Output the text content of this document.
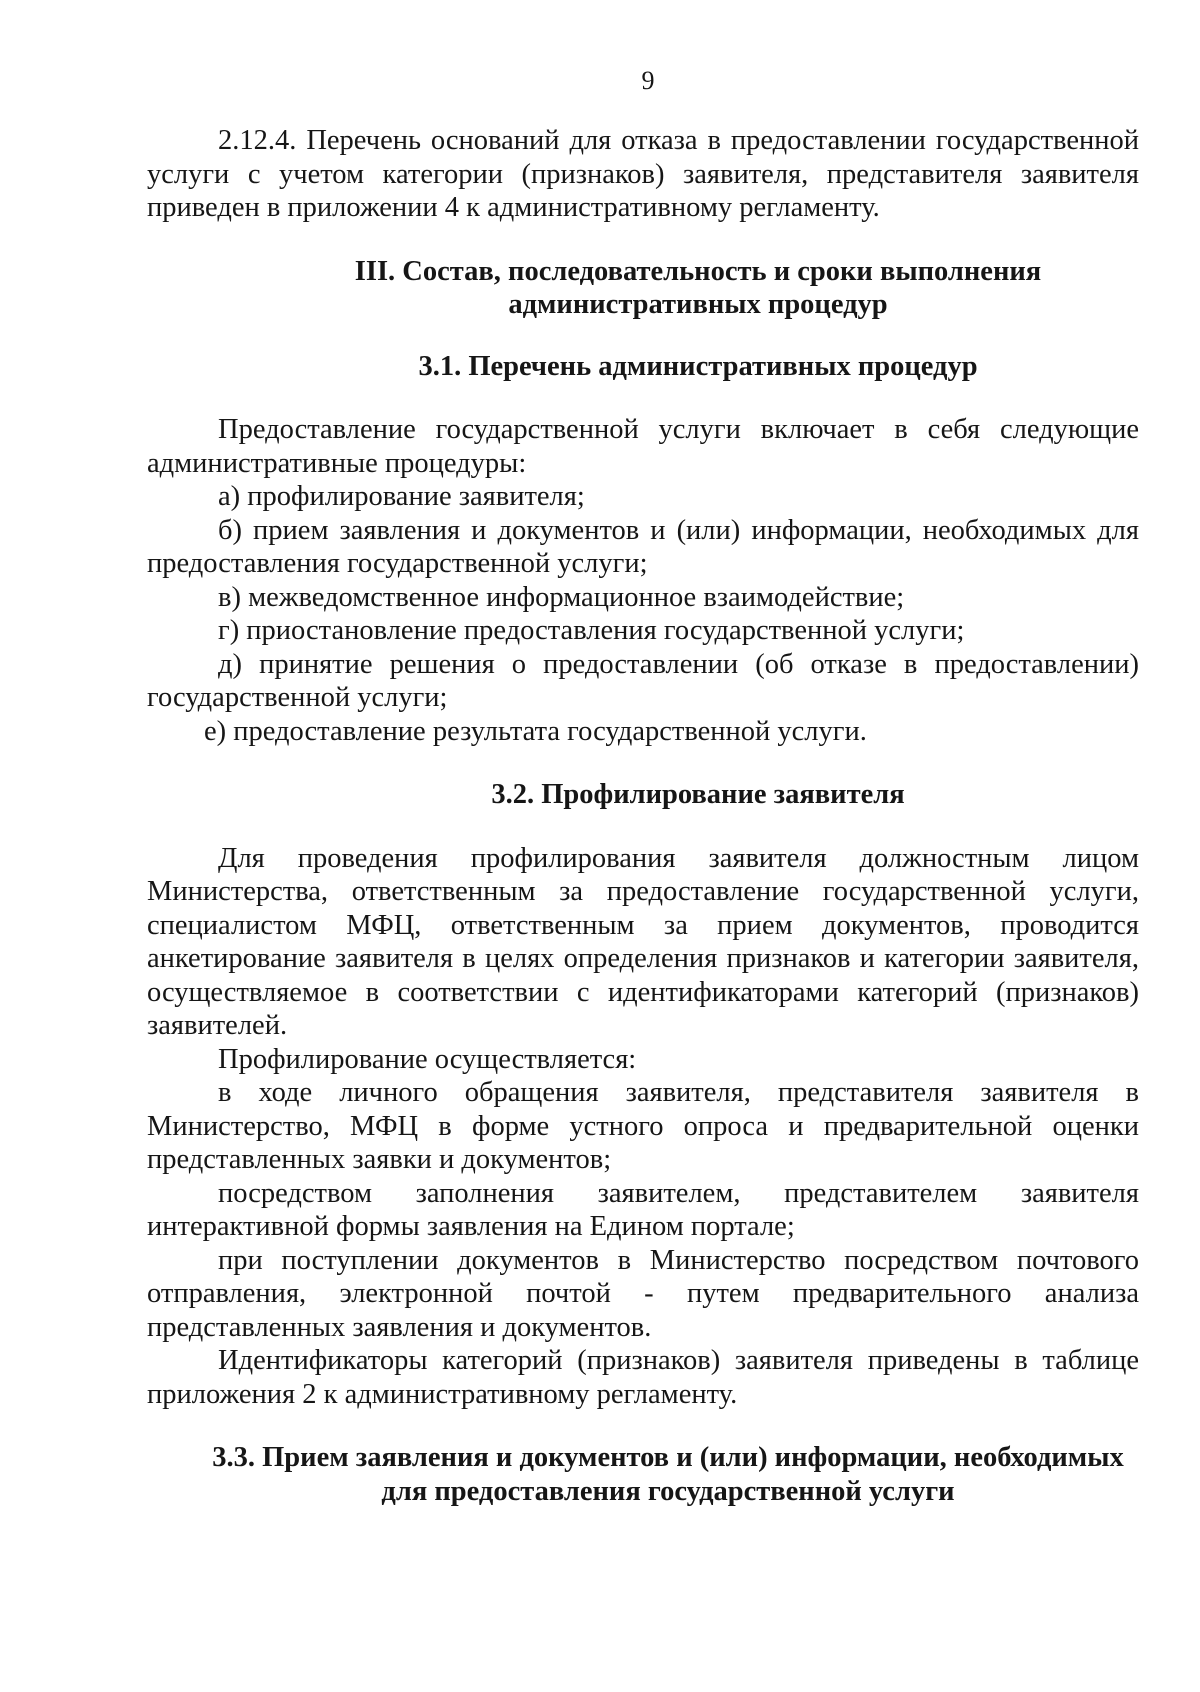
9

2.12.4. Перечень оснований для отказа в предоставлении государственной услуги с учетом категории (признаков) заявителя, представителя заявителя приведен в приложении 4 к административному регламенту.

III. Состав, последовательность и сроки выполнения
административных процедур
3.1. Перечень административных процедур

Предоставление государственной услуги включает в себя следующие административные процедуры:

а) профилирование заявителя;

б) прием заявления и документов и (или) информации, необходимых для предоставления государственной услуги;

в) межведомственное информационное взаимодействие;

г) приостановление предоставления государственной услуги;

д) принятие решения о предоставлении (об отказе в предоставлении) государственной услуги;

е) предоставление результата государственной услуги.

3.2. Профилирование заявителя

Для проведения профилирования заявителя должностным лицом Министерства, ответственным за предоставление государственной услуги, специалистом МФЦ, ответственным за прием документов, проводится анкетирование заявителя в целях определения признаков и категории заявителя, осуществляемое в соответствии с идентификаторами категорий (признаков) заявителей.

Профилирование осуществляется:

в ходе личного обращения заявителя, представителя заявителя в Министерство, МФЦ в форме устного опроса и предварительной оценки представленных заявки и документов;

посредством заполнения заявителем, представителем заявителя интерактивной формы заявления на Едином портале;

при поступлении документов в Министерство посредством почтового отправления, электронной почтой - путем предварительного анализа представленных заявления и документов.

Идентификаторы категорий (признаков) заявителя приведены в таблице приложения 2 к административному регламенту.

3.3. Прием заявления и документов и (или) информации, необходимых
для предоставления государственной услуги
